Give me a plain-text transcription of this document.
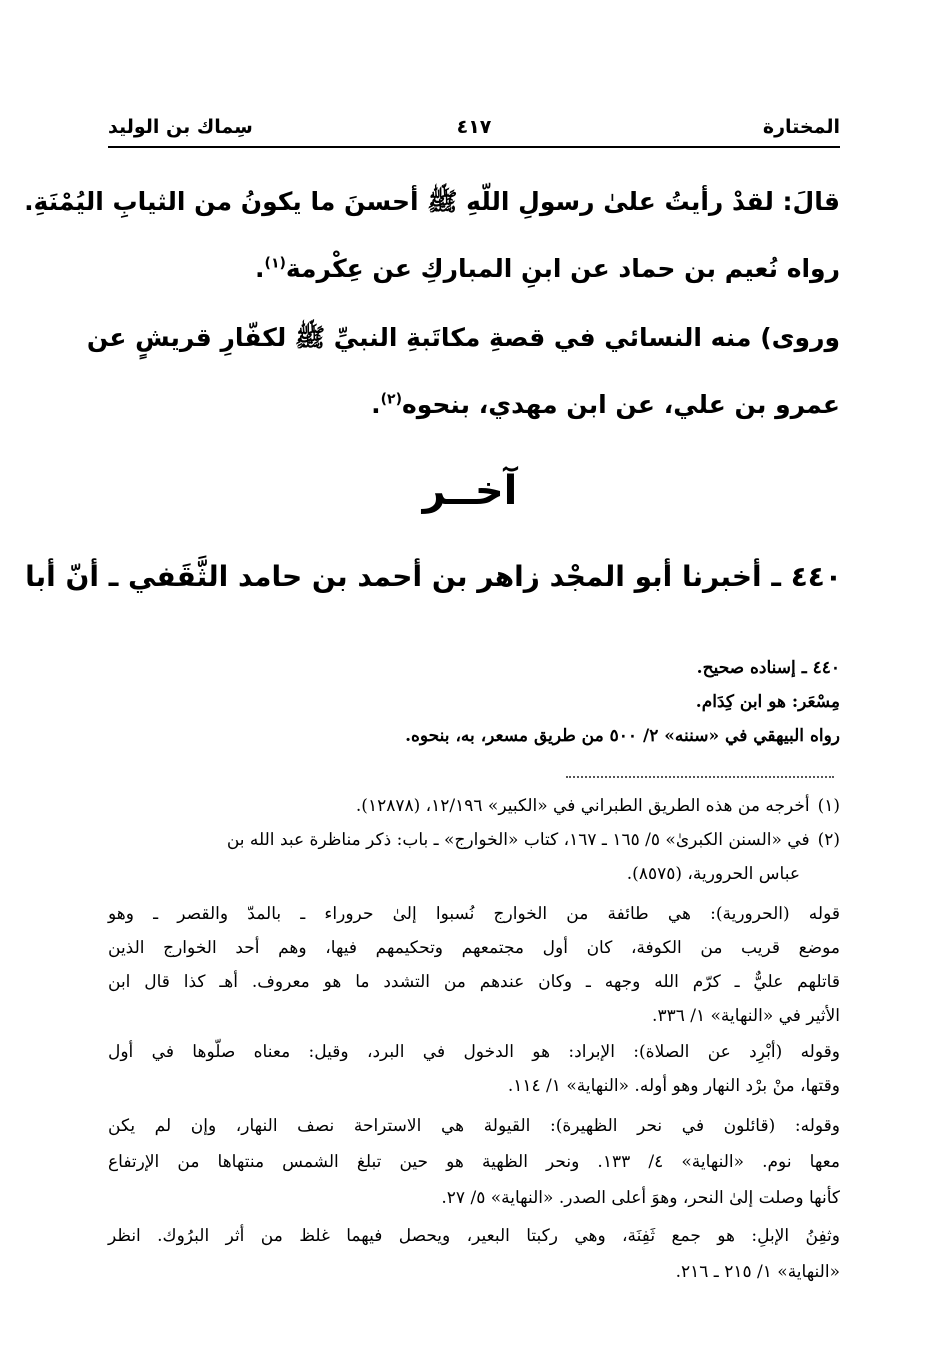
المختارة
٤١٧
سِماك بن الوليد
قالَ: لقدْ رأيتُ علىٰ رسولِ اللّهِ ﷺ أحسنَ ما يكونُ من الثيابِ اليُمْنَةِ.
رواه نُعيم بن حماد عن ابنِ المباركِ عن عِكْرمة$^{(١)}$.
وروى) منه النسائي في قصةِ مكاتَبةِ النبيِّ ﷺ لكفّارِ قريشٍ عن
عمرو بن علي، عن ابن مهدي، بنحوه$^{(٢)}$.
آخــر
٤٤٠ ـ أخبرنا أبو المجْد زاهر بن أحمد بن حامد الثَّقَفي ـ أنّ أبا
٤٤٠ ـ إسناده صحيح.
مِسْعَر: هو ابن كِدَام.
رواه البيهقي في «سننه» ٢/ ٥٠٠ من طريق مسعر، به، بنحوه.
(١)أخرجه من هذه الطريق الطبراني في «الكبير» ١٢/١٩٦، (١٢٨٧٨).
(٢)في «السنن الكبرىٰ» ٥/ ١٦٥ ـ ١٦٧، كتاب «الخوارج» ـ باب: ذكر مناظرة عبد الله بن
عباس الحرورية، (٨٥٧٥).
قوله (الحرورية): هي طائفة من الخوارج نُسبوا إلىٰ حروراء ـ بالمدّ والقصر ـ وهو
موضع قريب من الكوفة، كان أول مجتمعهم وتحكيمهم فيها، وهم أحد الخوارج الذين
قاتلهم عليٌّ ـ كرّم الله وجهه ـ وكان عندهم من التشدد ما هو معروف. أهـ كذا قال ابن
الأثير في «النهاية» ١/ ٣٣٦.
وقوله (أبْرِد عن الصلاة): الإبراد: هو الدخول في البرد، وقيل: معناه صلّوها في أول
وقتها، منْ برْد النهار وهو أوله. «النهاية» ١/ ١١٤.
وقوله: (قائلون في نحر الظهيرة): القيولة هي الاستراحة نصف النهار، وإن لم يكن
معها نوم. «النهاية» ٤/ ١٣٣. ونحر الظهية هو حين تبلغ الشمس منتهاها من الإرتفاع
كأنها وصلت إلىٰ النحر، وهوَ أعلى الصدر. «النهاية» ٥/ ٢٧.
وثفِنُ الإبلِ: هو جمع ثَفِنَة، وهي ركبتا البعير، ويحصل فيهما غلظ من أثر البرُوك. انظر
«النهاية» ١/ ٢١٥ ـ ٢١٦.
